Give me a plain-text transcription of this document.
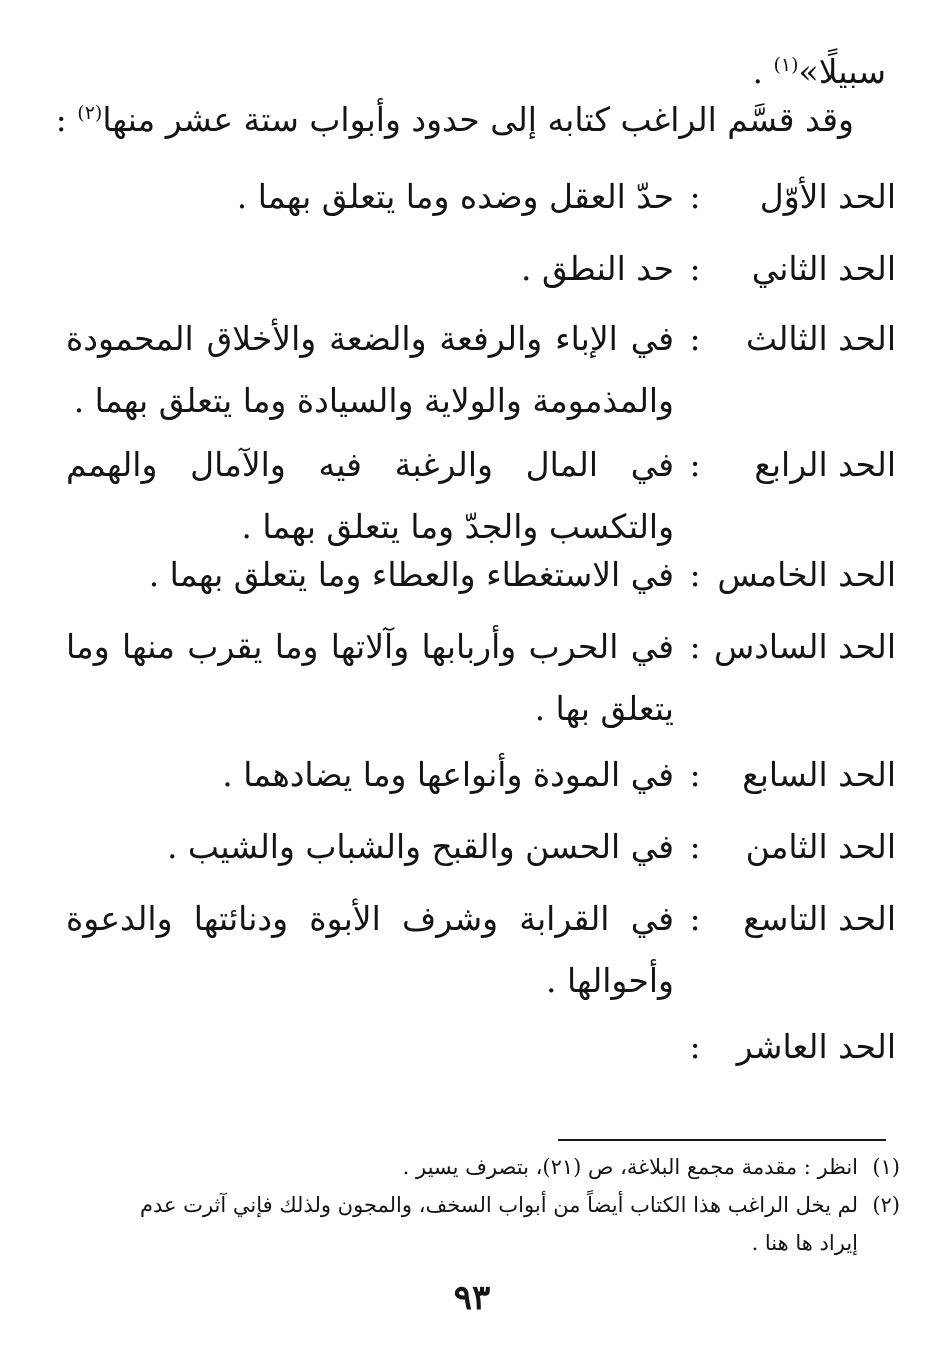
سبيلًا»$^{(١)}$ .
وقد قسَّم الراغب كتابه إلى حدود وأبواب ستة عشر منها$^{(٢)}$ :
الحد الأوّل
:
حدّ العقل وضده وما يتعلق بهما .
الحد الثاني
:
حد النطق .
الحد الثالث
:
في الإباء والرفعة والضعة والأخلاق المحمودة والمذمومة والولاية والسيادة وما يتعلق بهما .
الحد الرابع
:
في المال والرغبة فيه والآمال والهمم والتكسب والجدّ وما يتعلق بهما .
الحد الخامس
:
في الاستغطاء والعطاء وما يتعلق بهما .
الحد السادس
:
في الحرب وأربابها وآلاتها وما يقرب منها وما يتعلق بها .
الحد السابع
:
في المودة وأنواعها وما يضادهما .
الحد الثامن
:
في الحسن والقبح والشباب والشيب .
الحد التاسع
:
في القرابة وشرف الأبوة ودنائتها والدعوة وأحوالها .
الحد العاشر
:
(١)
انظر : مقدمة مجمع البلاغة، ص (٢١)، بتصرف يسير .
(٢)
لم يخل الراغب هذا الكتاب أيضاً من أبواب السخف، والمجون ولذلك فإني آثرت عدم إيراد ها هنا .
٩٣
